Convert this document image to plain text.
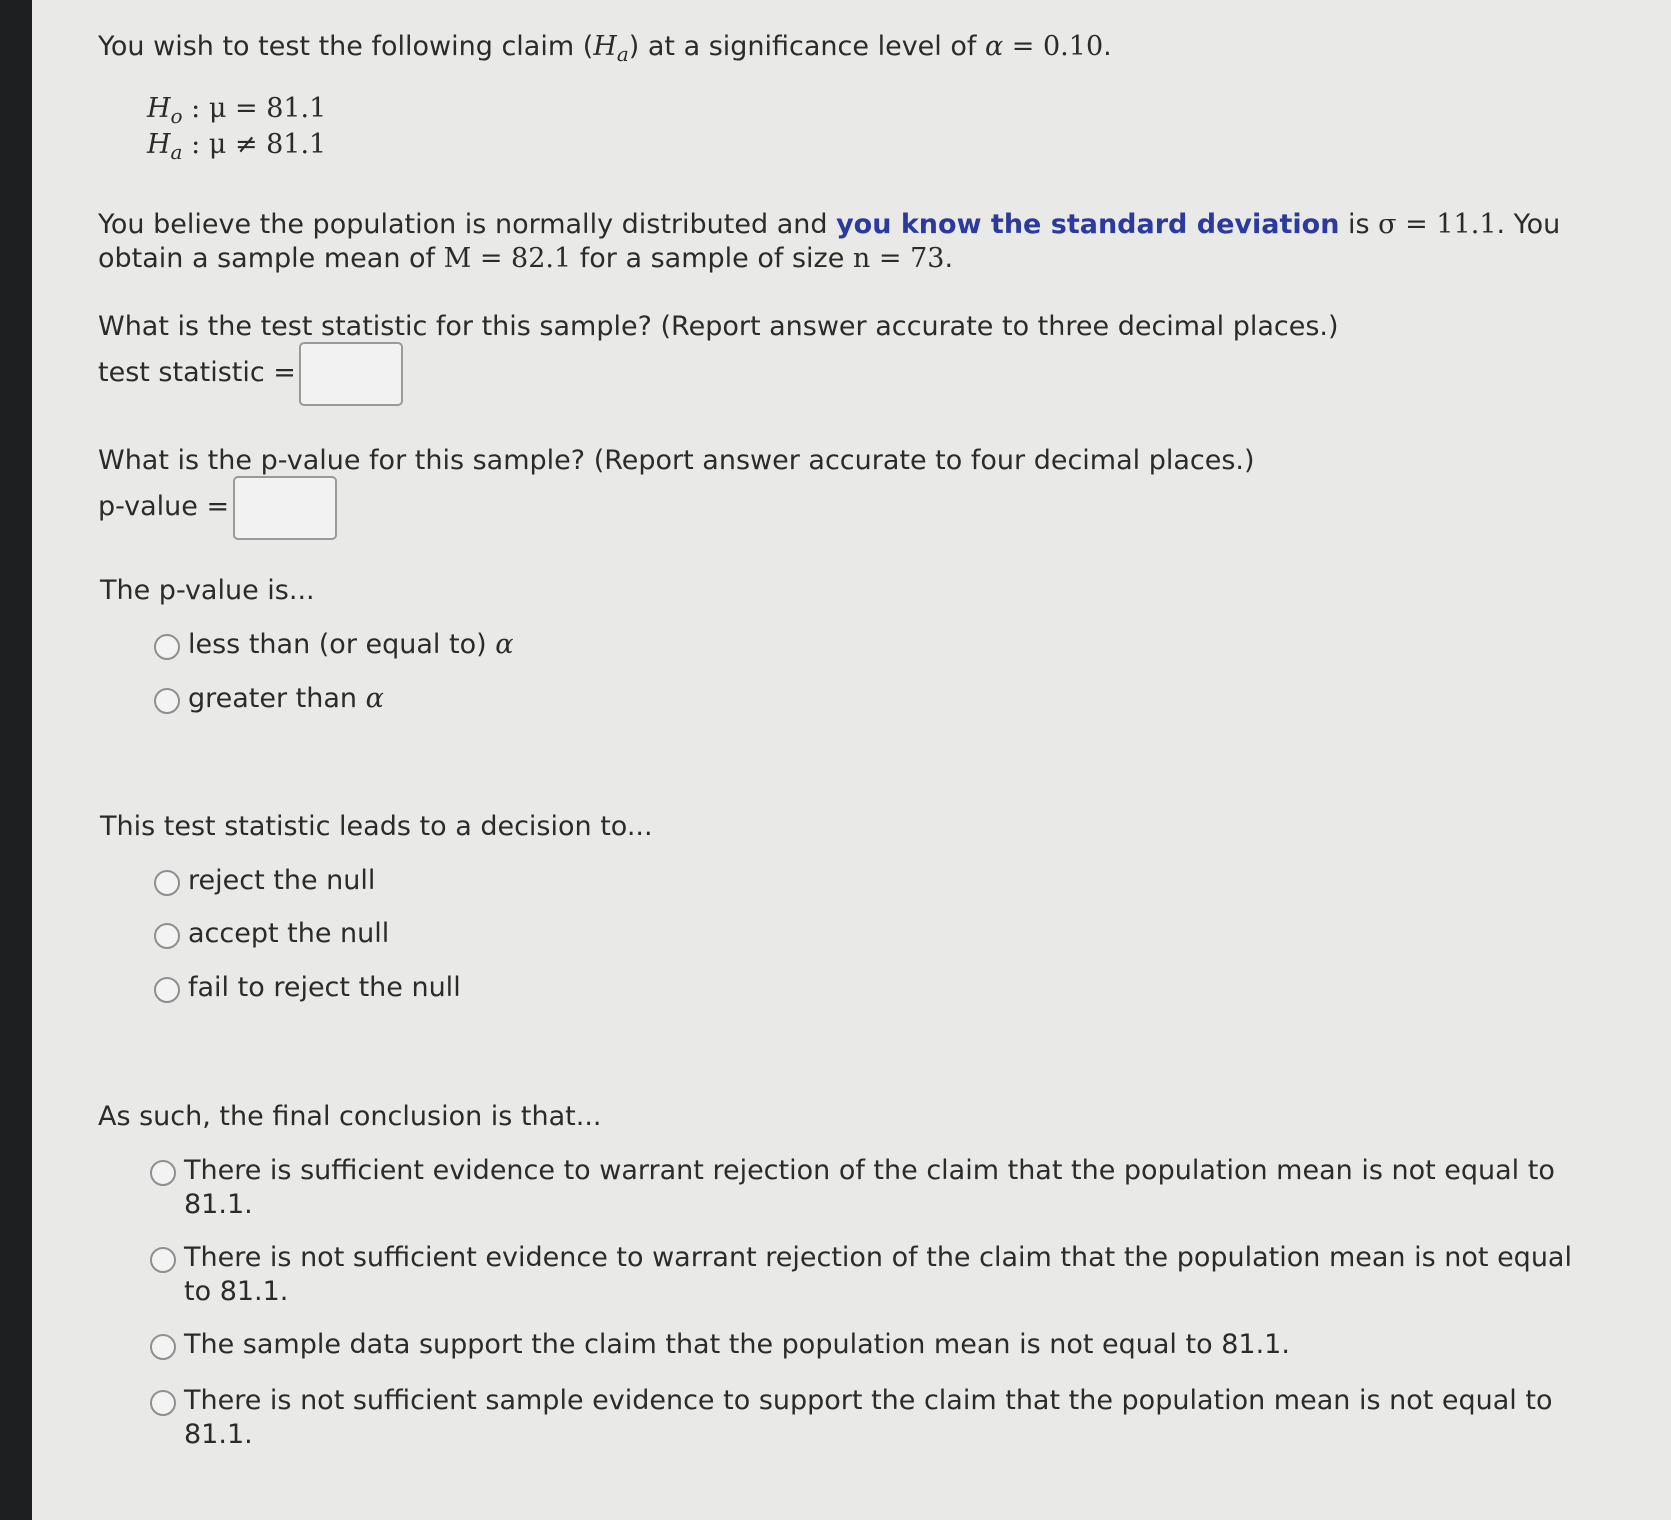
You wish to test the following claim $(H_a)$ at a significance level of α = 0.10.

$H_o$ : μ = 81.1

$H_a$ : μ ≠ 81.1

You believe the population is normally distributed and you know the standard deviation is σ = 11.1. You

obtain a sample mean of M = 82.1 for a sample of size n = 73.

What is the test statistic for this sample? (Report answer accurate to three decimal places.)

test statistic =

What is the p-value for this sample? (Report answer accurate to four decimal places.)

p-value =

The p-value is...

less than (or equal to) α
greater than α

This test statistic leads to a decision to...

reject the null
accept the null
fail to reject the null

As such, the final conclusion is that...

There is sufficient evidence to warrant rejection of the claim that the population mean is not equal to 81.1.
There is not sufficient evidence to warrant rejection of the claim that the population mean is not equal to 81.1.
The sample data support the claim that the population mean is not equal to 81.1.
There is not sufficient sample evidence to support the claim that the population mean is not equal to 81.1.
